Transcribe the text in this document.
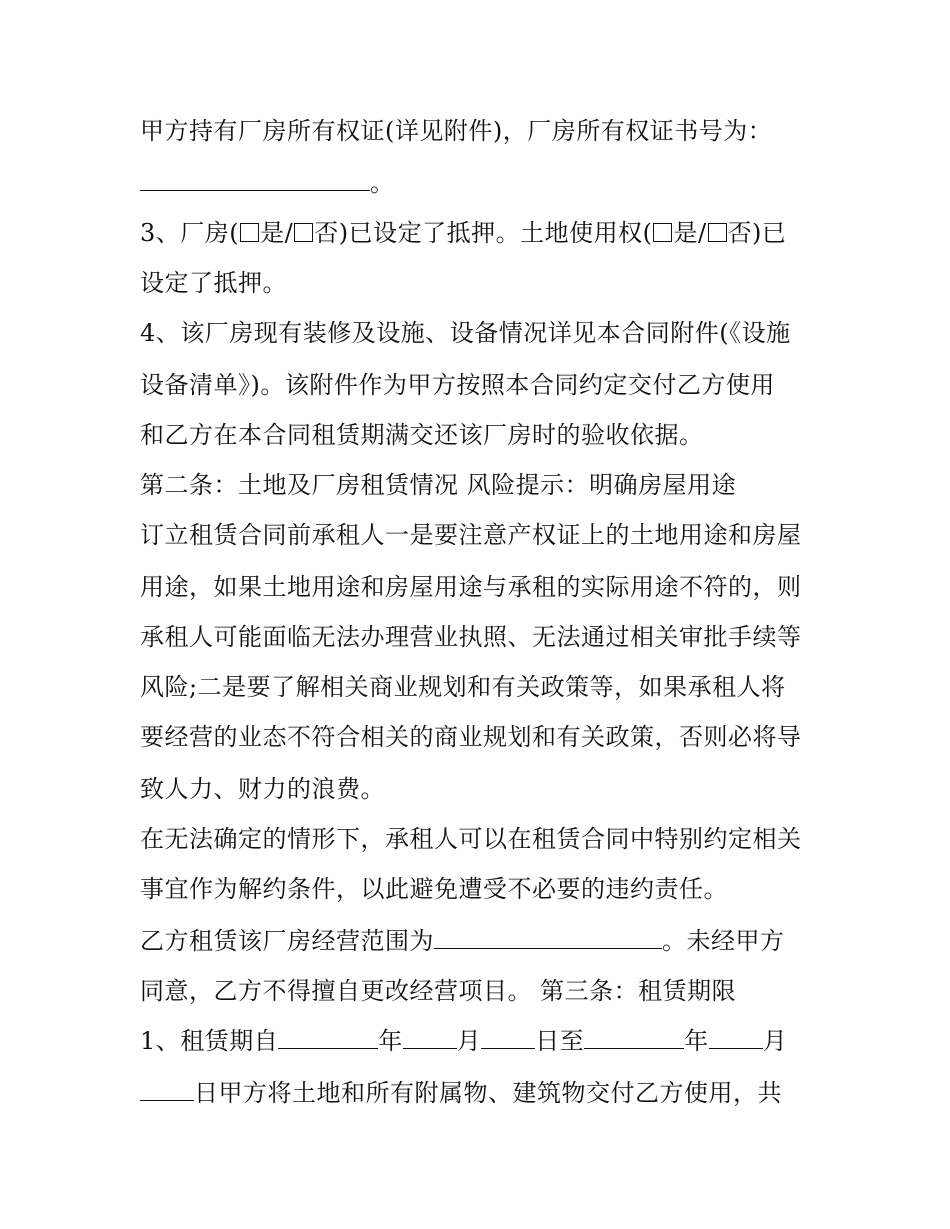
甲方持有厂房所有权证(详见附件)，厂房所有权证书号为：
。
3、厂房( 是/ 否)已设定了抵押。土地使用权( 是/ 否)已
设定了抵押。
4、该厂房现有装修及设施、设备情况详见本合同附件(《设施
设备清单》)。该附件作为甲方按照本合同约定交付乙方使用
和乙方在本合同租赁期满交还该厂房时的验收依据。
第二条：土地及厂房租赁情况 风险提示：明确房屋用途
订立租赁合同前承租人一是要注意产权证上的土地用途和房屋
用途，如果土地用途和房屋用途与承租的实际用途不符的，则
承租人可能面临无法办理营业执照、无法通过相关审批手续等
风险;二是要了解相关商业规划和有关政策等，如果承租人将
要经营的业态不符合相关的商业规划和有关政策，否则必将导
致人力、财力的浪费。
在无法确定的情形下，承租人可以在租赁合同中特别约定相关
事宜作为解约条件，以此避免遭受不必要的违约责任。
乙方租赁该厂房经营范围为	。未经甲方
同意，乙方不得擅自更改经营项目。 第三条：租赁期限
1、租赁期自	年 月 日至	年 月
日甲方将土地和所有附属物、建筑物交付乙方使用，共
